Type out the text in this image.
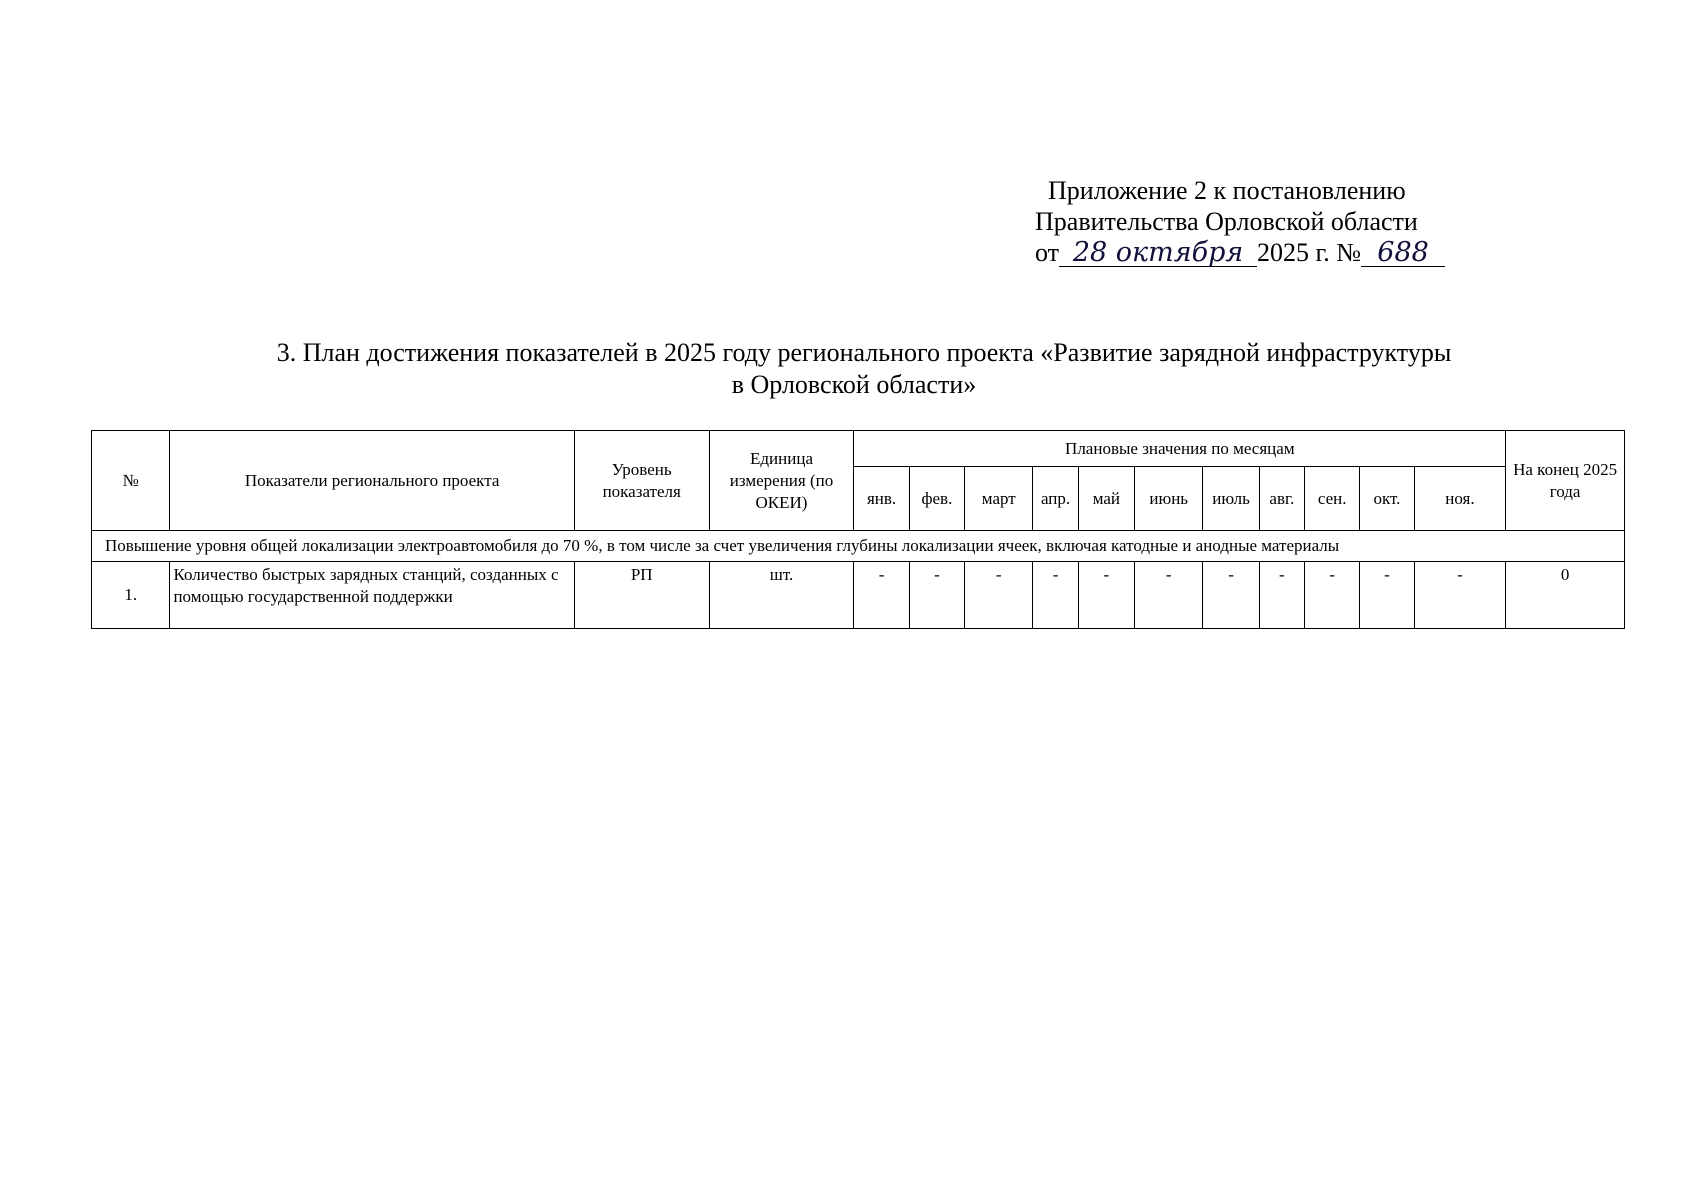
Приложение 2 к постановлению
Правительства Орловской области
от 28 октября 2025 г. № 688
3. План достижения показателей в 2025 году регионального проекта «Развитие зарядной инфраструктуры
в Орловской области»
№	Показатели регионального проекта	Уровень показателя	Единица измерения (по ОКЕИ)	Плановые значения по месяцам											На конец 2025 года
				янв.	фев.	март	апр.	май	июнь	июль	авг.	сен.	окт.	ноя.	
Повышение уровня общей локализации электроавтомобиля до 70 %, в том числе за счет увеличения глубины локализации ячеек, включая катодные и анодные материалы															
1.	Количество быстрых зарядных станций, созданных с помощью государственной поддержки	РП	шт.	-	-	-	-	-	-	-	-	-	-	-	0
